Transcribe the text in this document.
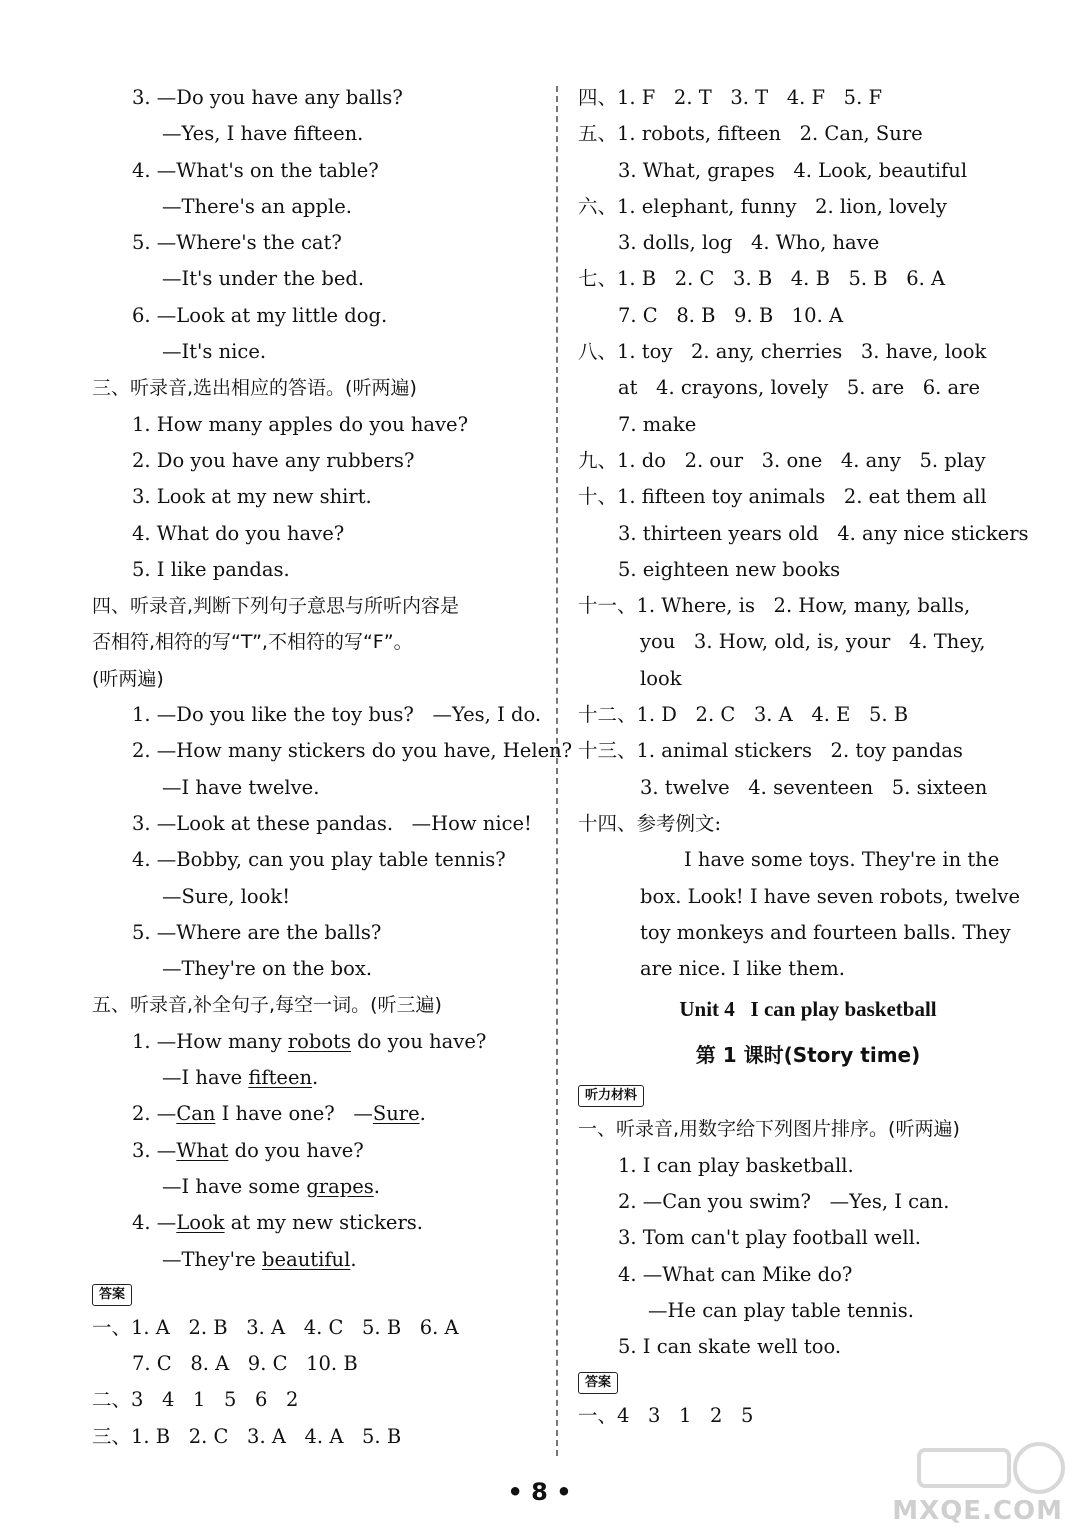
3. —Do you have any balls?
—Yes, I have fifteen.
4. —What's on the table?
—There's an apple.
5. —Where's the cat?
—It's under the bed.
6. —Look at my little dog.
—It's nice.
三、听录音,选出相应的答语。(听两遍)
1. How many apples do you have?
2. Do you have any rubbers?
3. Look at my new shirt.
4. What do you have?
5. I like pandas.
四、听录音,判断下列句子意思与所听内容是
否相符,相符的写“T”,不相符的写“F”。
(听两遍)
1. —Do you like the toy bus?   —Yes, I do.
2. —How many stickers do you have, Helen?
—I have twelve.
3. —Look at these pandas.   —How nice!
4. —Bobby, can you play table tennis?
—Sure, look!
5. —Where are the balls?
—They're on the box.
五、听录音,补全句子,每空一词。(听三遍)
1. —How many robots do you have?
—I have fifteen.
2. —Can I have one?   —Sure.
3. —What do you have?
—I have some grapes.
4. —Look at my new stickers.
—They're beautiful.
答案
一、1. A   2. B   3. A   4. C   5. B   6. A
7. C   8. A   9. C   10. B
二、3   4   1   5   6   2
三、1. B   2. C   3. A   4. A   5. B
四、1. F   2. T   3. T   4. F   5. F
五、1. robots, fifteen   2. Can, Sure
3. What, grapes   4. Look, beautiful
六、1. elephant, funny   2. lion, lovely
3. dolls, log   4. Who, have
七、1. B   2. C   3. B   4. B   5. B   6. A
7. C   8. B   9. B   10. A
八、1. toy   2. any, cherries   3. have, look
at   4. crayons, lovely   5. are   6. are
7. make
九、1. do   2. our   3. one   4. any   5. play
十、1. fifteen toy animals   2. eat them all
3. thirteen years old   4. any nice stickers
5. eighteen new books
十一、1. Where, is   2. How, many, balls,
you   3. How, old, is, your   4. They,
look
十二、1. D   2. C   3. A   4. E   5. B
十三、1. animal stickers   2. toy pandas
3. twelve   4. seventeen   5. sixteen
十四、参考例文:
I have some toys. They're in the box. Look! I have seven robots, twelve toy monkeys and fourteen balls. They are nice. I like them.
Unit 4   I can play basketball
第 1 课时(Story time)
听力材料
一、听录音,用数字给下列图片排序。(听两遍)
1. I can play basketball.
2. —Can you swim?   —Yes, I can.
3. Tom can't play football well.
4. —What can Mike do?
—He can play table tennis.
5. I can skate well too.
答案
一、4   3   1   2   5
• 8 •
MXQE.COM
